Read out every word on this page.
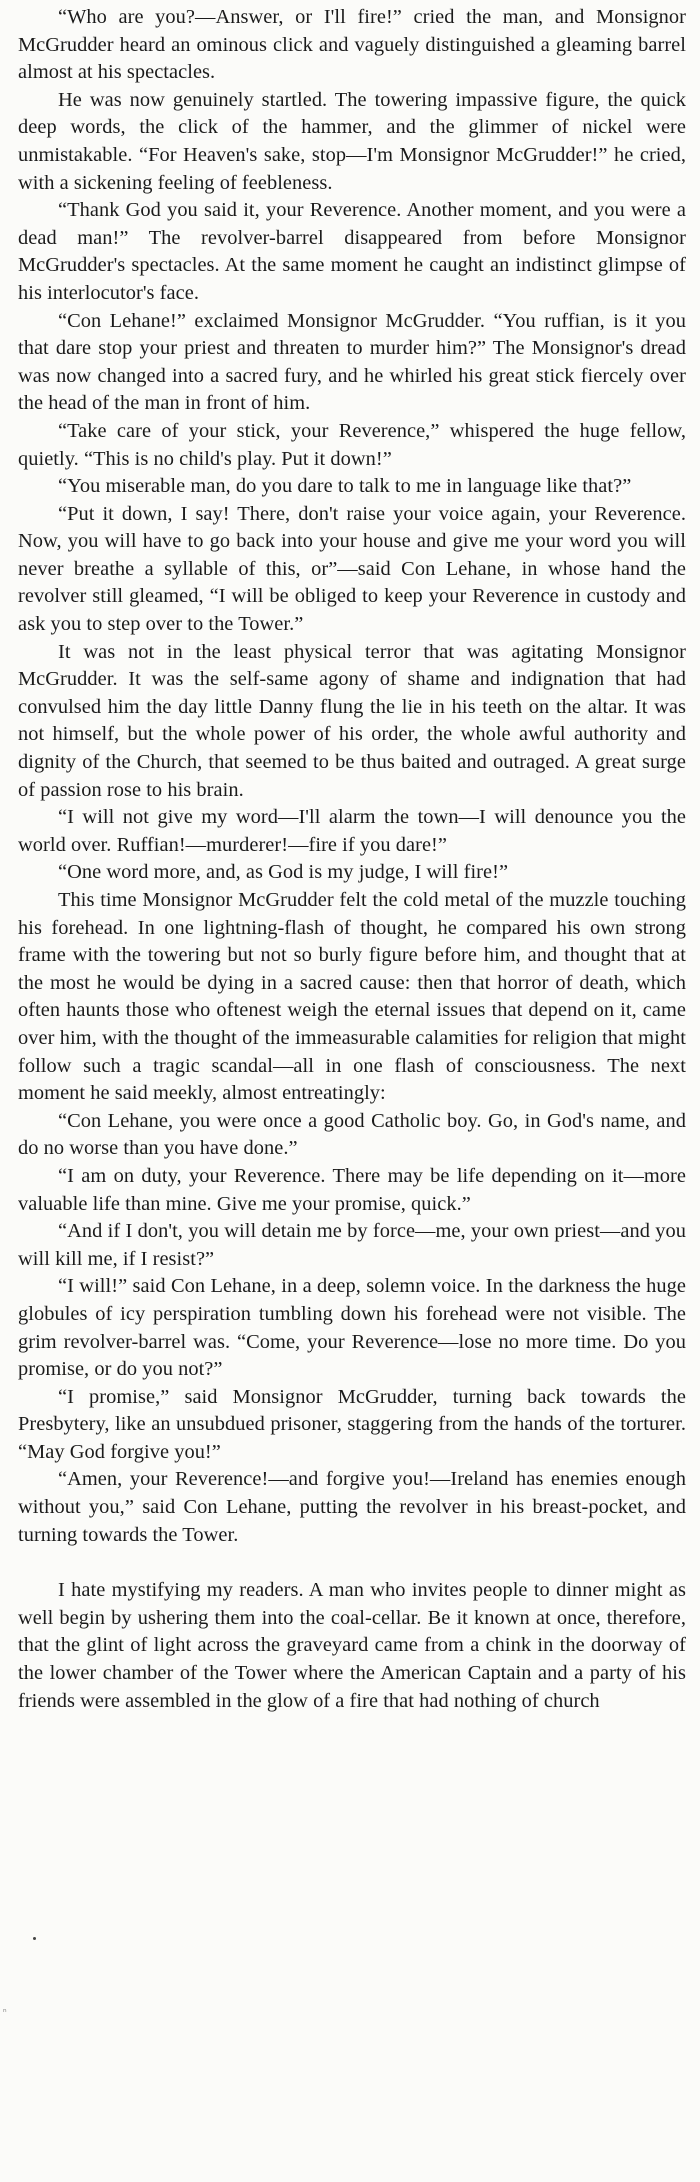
“Who are you?—Answer, or I'll fire!” cried the man, and Monsignor McGrudder heard an ominous click and vaguely distinguished a gleaming barrel almost at his spectacles.

He was now genuinely startled. The towering impassive figure, the quick deep words, the click of the hammer, and the glimmer of nickel were unmistakable. “For Heaven's sake, stop—I'm Monsignor McGrudder!” he cried, with a sickening feeling of feebleness.

“Thank God you said it, your Reverence. Another moment, and you were a dead man!” The revolver-barrel disappeared from before Monsignor McGrudder's spectacles. At the same moment he caught an indistinct glimpse of his interlocutor's face.

“Con Lehane!” exclaimed Monsignor McGrudder. “You ruffian, is it you that dare stop your priest and threaten to murder him?” The Monsignor's dread was now changed into a sacred fury, and he whirled his great stick fiercely over the head of the man in front of him.

“Take care of your stick, your Reverence,” whispered the huge fellow, quietly. “This is no child's play. Put it down!”

“You miserable man, do you dare to talk to me in language like that?”

“Put it down, I say! There, don't raise your voice again, your Reverence. Now, you will have to go back into your house and give me your word you will never breathe a syllable of this, or”—said Con Lehane, in whose hand the revolver still gleamed, “I will be obliged to keep your Reverence in custody and ask you to step over to the Tower.”

It was not in the least physical terror that was agitating Monsignor McGrudder. It was the self-same agony of shame and indignation that had convulsed him the day little Danny flung the lie in his teeth on the altar. It was not himself, but the whole power of his order, the whole awful authority and dignity of the Church, that seemed to be thus baited and outraged. A great surge of passion rose to his brain.

“I will not give my word—I'll alarm the town—I will denounce you the world over. Ruffian!—murderer!—fire if you dare!”

“One word more, and, as God is my judge, I will fire!”

This time Monsignor McGrudder felt the cold metal of the muzzle touching his forehead. In one lightning-flash of thought, he compared his own strong frame with the towering but not so burly figure before him, and thought that at the most he would be dying in a sacred cause: then that horror of death, which often haunts those who oftenest weigh the eternal issues that depend on it, came over him, with the thought of the immeasurable calamities for religion that might follow such a tragic scandal—all in one flash of consciousness. The next moment he said meekly, almost entreatingly:

“Con Lehane, you were once a good Catholic boy. Go, in God's name, and do no worse than you have done.”

“I am on duty, your Reverence. There may be life depending on it—more valuable life than mine. Give me your promise, quick.”

“And if I don't, you will detain me by force—me, your own priest—and you will kill me, if I resist?”

“I will!” said Con Lehane, in a deep, solemn voice. In the darkness the huge globules of icy perspiration tumbling down his forehead were not visible. The grim revolver-barrel was. “Come, your Reverence—lose no more time. Do you promise, or do you not?”

“I promise,” said Monsignor McGrudder, turning back towards the Presbytery, like an unsubdued prisoner, staggering from the hands of the torturer. “May God forgive you!”

“Amen, your Reverence!—and forgive you!—Ireland has enemies enough without you,” said Con Lehane, putting the revolver in his breast-pocket, and turning towards the Tower.

I hate mystifying my readers. A man who invites people to dinner might as well begin by ushering them into the coal-cellar. Be it known at once, therefore, that the glint of light across the graveyard came from a chink in the doorway of the lower chamber of the Tower where the American Captain and a party of his friends were assembled in the glow of a fire that had nothing of church

ⁿ
